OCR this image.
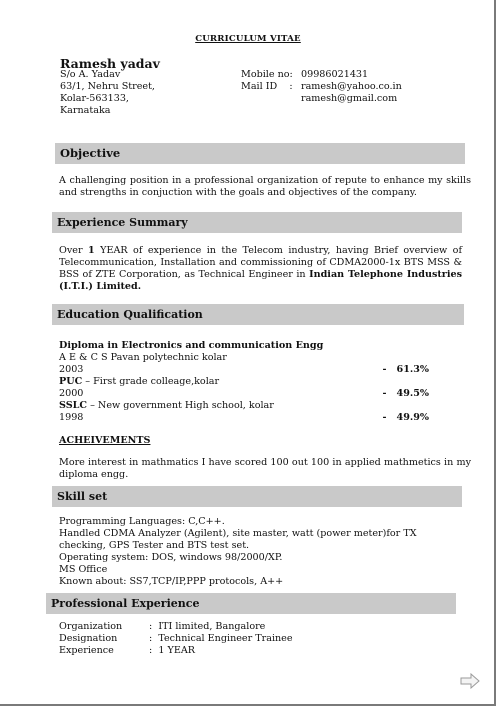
CURRICULUM VITAE
Ramesh yadav
S/o A. Yadav
63/1, Nehru Street,
Kolar-563133,
Karnataka
Mobile no: 09986021431
Mail ID    : ramesh@yahoo.co.in
ramesh@gmail.com
Objective
A challenging position in a professional organization of repute to enhance my skills and strengths in conjuction with the goals and objectives of the company.
Experience Summary
Over 1 YEAR of experience in the Telecom industry, having Brief overview of Telecommunication, Installation and commissioning of CDMA2000-1x BTS MSS & BSS of ZTE Corporation, as Technical Engineer in Indian Telephone Industries (I.T.I.) Limited.
Education Qualification
Diploma in Electronics and communication Engg
A E & C S Pavan polytechnic kolar
2003	-   61.3%
PUC – First grade colleage,kolar
2000	-   49.5%
SSLC – New government High school, kolar
1998	-   49.9%
ACHEIVEMENTS
More interest in mathmatics I have scored 100 out 100 in applied mathmetics in my diploma engg.
Skill set
Programming Languages: C,C++.
Handled CDMA Analyzer (Agilent), site master, watt (power meter)for TX checking, GPS Tester and BTS test set.
Operating system: DOS, windows 98/2000/XP.
MS Office
Known about: SS7,TCP/IP,PPP protocols, A++
Professional Experience
Organization	:  ITI limited, Bangalore
Designation	:  Technical Engineer Trainee
Experience	:  1 YEAR
